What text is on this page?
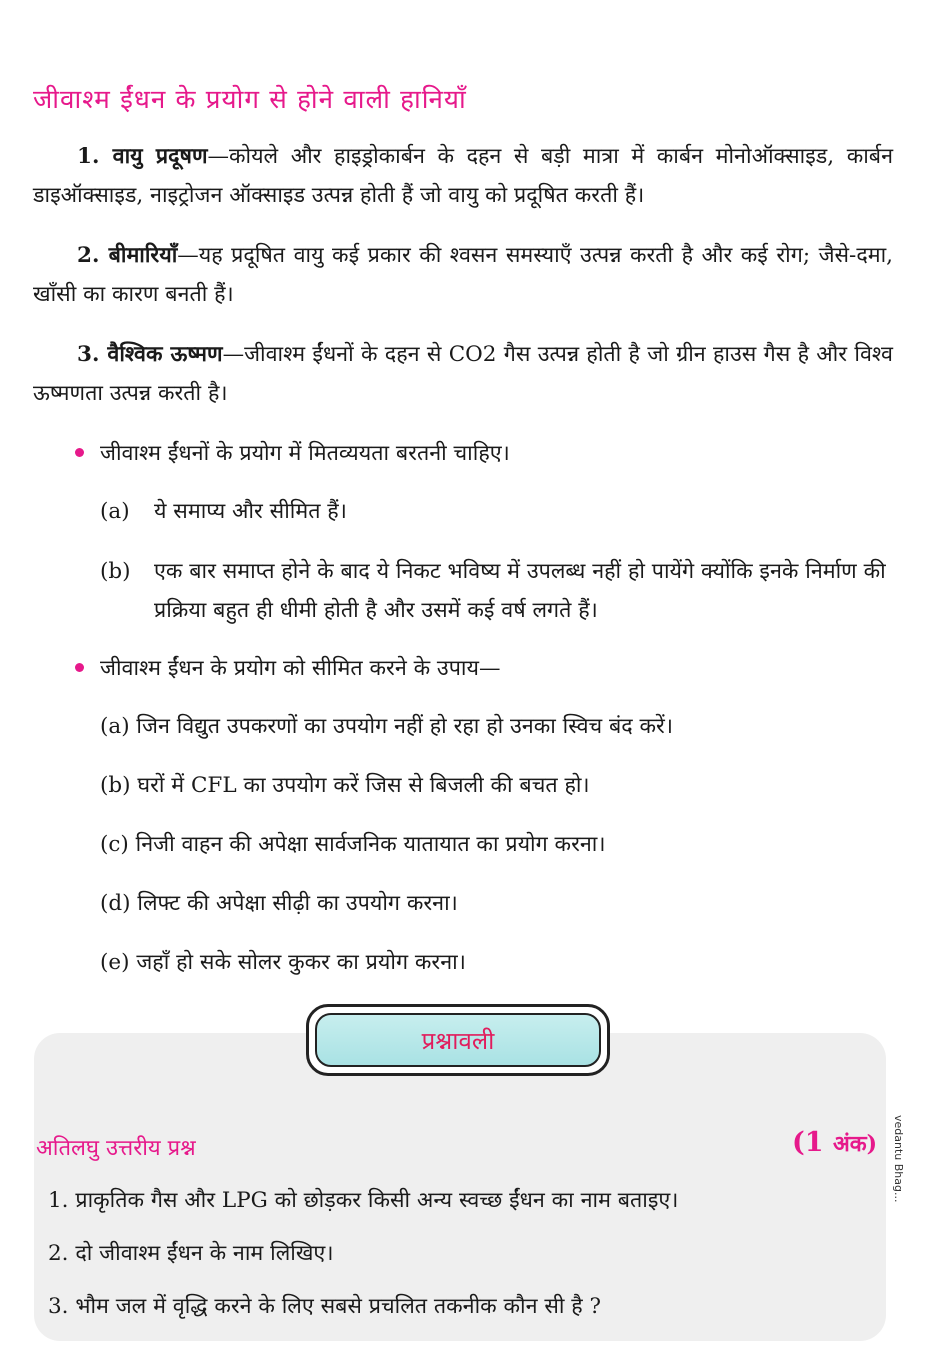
जीवाश्म ईंधन के प्रयोग से होने वाली हानियाँ
1. वायु प्रदूषण—कोयले और हाइड्रोकार्बन के दहन से बड़ी मात्रा में कार्बन मोनोऑक्साइड, कार्बन डाइऑक्साइड, नाइट्रोजन ऑक्साइड उत्पन्न होती हैं जो वायु को प्रदूषित करती हैं।
2. बीमारियाँ—यह प्रदूषित वायु कई प्रकार की श्वसन समस्याएँ उत्पन्न करती है और कई रोग; जैसे-दमा, खाँसी का कारण बनती हैं।
3. वैश्विक ऊष्मण—जीवाश्म ईंधनों के दहन से CO2 गैस उत्पन्न होती है जो ग्रीन हाउस गैस है और विश्व ऊष्मणता उत्पन्न करती है।
जीवाश्म ईंधनों के प्रयोग में मितव्ययता बरतनी चाहिए।
(a) ये समाप्य और सीमित हैं।
(b) एक बार समाप्त होने के बाद ये निकट भविष्य में उपलब्ध नहीं हो पायेंगे क्योंकि इनके निर्माण की प्रक्रिया बहुत ही धीमी होती है और उसमें कई वर्ष लगते हैं।
जीवाश्म ईंधन के प्रयोग को सीमित करने के उपाय—
(a) जिन विद्युत उपकरणों का उपयोग नहीं हो रहा हो उनका स्विच बंद करें।
(b) घरों में CFL का उपयोग करें जिस से बिजली की बचत हो।
(c) निजी वाहन की अपेक्षा सार्वजनिक यातायात का प्रयोग करना।
(d) लिफ्ट की अपेक्षा सीढ़ी का उपयोग करना।
(e) जहाँ हो सके सोलर कुकर का प्रयोग करना।
प्रश्नावली
अतिलघु उत्तरीय प्रश्न	(1 अंक)
1. प्राकृतिक गैस और LPG को छोड़कर किसी अन्य स्वच्छ ईंधन का नाम बताइए।
2. दो जीवाश्म ईंधन के नाम लिखिए।
3. भौम जल में वृद्धि करने के लिए सबसे प्रचलित तकनीक कौन सी है ?
vedantu Bhag...
